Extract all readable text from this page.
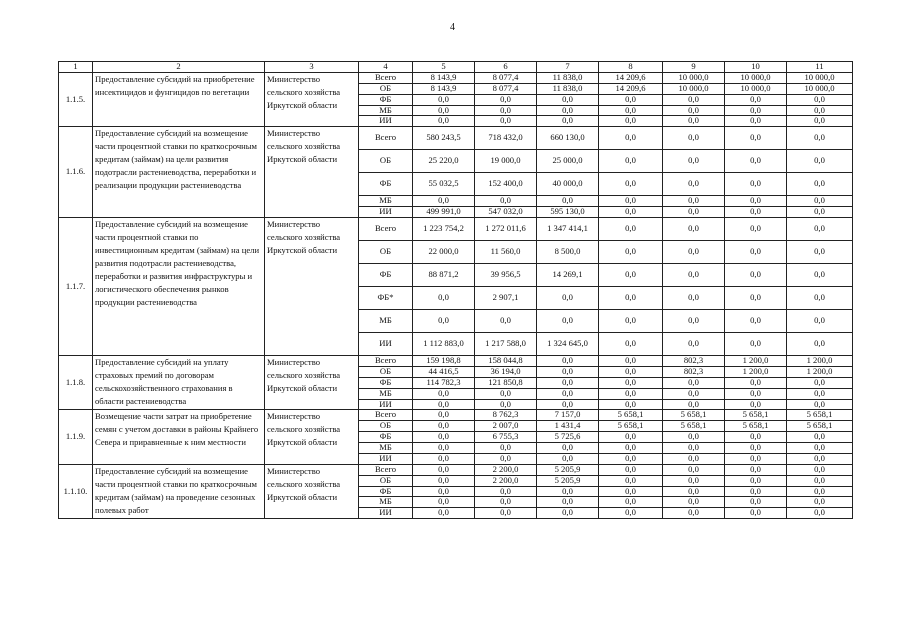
4
1	2	3	4	5	6	7	8	9	10	11
1.1.5.	Предоставление субсидий на приобретение инсектицидов и фунгицидов по вегетации	Министерство сельского хозяйства Иркутской области	Всего	8 143,9	8 077,4	11 838,0	14 209,6	10 000,0	10 000,0	10 000,0
			ОБ	8 143,9	8 077,4	11 838,0	14 209,6	10 000,0	10 000,0	10 000,0
			ФБ	0,0	0,0	0,0	0,0	0,0	0,0	0,0
			МБ	0,0	0,0	0,0	0,0	0,0	0,0	0,0
			ИИ	0,0	0,0	0,0	0,0	0,0	0,0	0,0
1.1.6.	Предоставление субсидий на возмещение части процентной ставки по краткосрочным кредитам (займам) на цели развития подотрасли растениеводства, переработки и реализации продукции растениеводства	Министерство сельского хозяйства Иркутской области	Всего	580 243,5	718 432,0	660 130,0	0,0	0,0	0,0	0,0
			ОБ	25 220,0	19 000,0	25 000,0	0,0	0,0	0,0	0,0
			ФБ	55 032,5	152 400,0	40 000,0	0,0	0,0	0,0	0,0
			МБ	0,0	0,0	0,0	0,0	0,0	0,0	0,0
			ИИ	499 991,0	547 032,0	595 130,0	0,0	0,0	0,0	0,0
1.1.7.	Предоставление субсидий на возмещение части процентной ставки по инвестиционным кредитам (займам) на цели развития подотрасли растениеводства, переработки и развития инфраструктуры и логистического обеспечения рынков продукции растениеводства	Министерство сельского хозяйства Иркутской области	Всего	1 223 754,2	1 272 011,6	1 347 414,1	0,0	0,0	0,0	0,0
			ОБ	22 000,0	11 560,0	8 500,0	0,0	0,0	0,0	0,0
			ФБ	88 871,2	39 956,5	14 269,1	0,0	0,0	0,0	0,0
			ФБ*	0,0	2 907,1	0,0	0,0	0,0	0,0	0,0
			МБ	0,0	0,0	0,0	0,0	0,0	0,0	0,0
			ИИ	1 112 883,0	1 217 588,0	1 324 645,0	0,0	0,0	0,0	0,0
1.1.8.	Предоставление субсидий на уплату страховых премий по договорам сельскохозяйственного страхования в области растениеводства	Министерство сельского хозяйства Иркутской области	Всего	159 198,8	158 044,8	0,0	0,0	802,3	1 200,0	1 200,0
			ОБ	44 416,5	36 194,0	0,0	0,0	802,3	1 200,0	1 200,0
			ФБ	114 782,3	121 850,8	0,0	0,0	0,0	0,0	0,0
			МБ	0,0	0,0	0,0	0,0	0,0	0,0	0,0
			ИИ	0,0	0,0	0,0	0,0	0,0	0,0	0,0
1.1.9.	Возмещение части затрат на приобретение семян с учетом доставки в районы Крайнего Севера и приравненные к ним местности	Министерство сельского хозяйства Иркутской области	Всего	0,0	8 762,3	7 157,0	5 658,1	5 658,1	5 658,1	5 658,1
			ОБ	0,0	2 007,0	1 431,4	5 658,1	5 658,1	5 658,1	5 658,1
			ФБ	0,0	6 755,3	5 725,6	0,0	0,0	0,0	0,0
			МБ	0,0	0,0	0,0	0,0	0,0	0,0	0,0
			ИИ	0,0	0,0	0,0	0,0	0,0	0,0	0,0
1.1.10.	Предоставление субсидий на возмещение части процентной ставки по краткосрочным кредитам (займам) на проведение сезонных полевых работ	Министерство сельского хозяйства Иркутской области	Всего	0,0	2 200,0	5 205,9	0,0	0,0	0,0	0,0
			ОБ	0,0	2 200,0	5 205,9	0,0	0,0	0,0	0,0
			ФБ	0,0	0,0	0,0	0,0	0,0	0,0	0,0
			МБ	0,0	0,0	0,0	0,0	0,0	0,0	0,0
			ИИ	0,0	0,0	0,0	0,0	0,0	0,0	0,0
